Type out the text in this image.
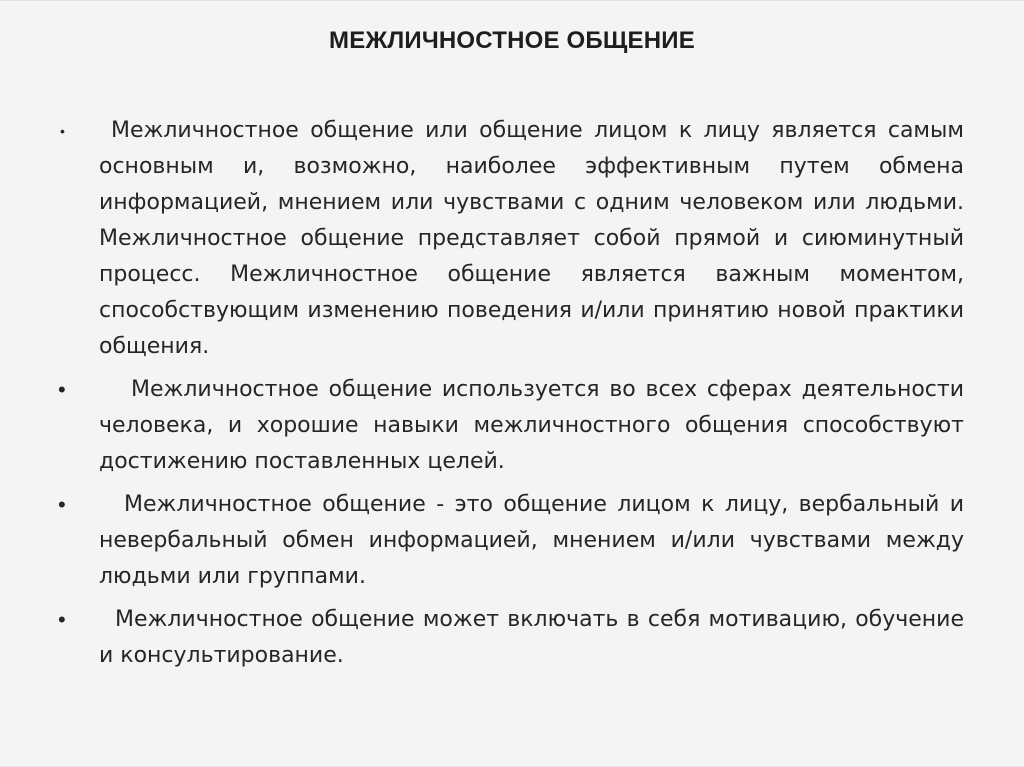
МЕЖЛИЧНОСТНОЕ ОБЩЕНИЕ
•	Межличностное общение или общение лицом к лицу является самым основным и, возможно, наиболее эффективным путем обмена информацией, мнением или чувствами с одним человеком или людьми. Межличностное общение представляет собой прямой и сиюминутный процесс. Межличностное общение является важным моментом, способствующим изменению поведения и/или принятию новой практики общения.
•	Межличностное общение используется во всех сферах деятельности человека, и хорошие навыки межличностного общения способствуют достижению поставленных целей.
•	Межличностное общение - это общение лицом к лицу, вербальный и невербальный обмен информацией, мнением и/или чувствами между людьми или группами.
•	Межличностное общение может включать в себя мотивацию, обучение и консультирование.
